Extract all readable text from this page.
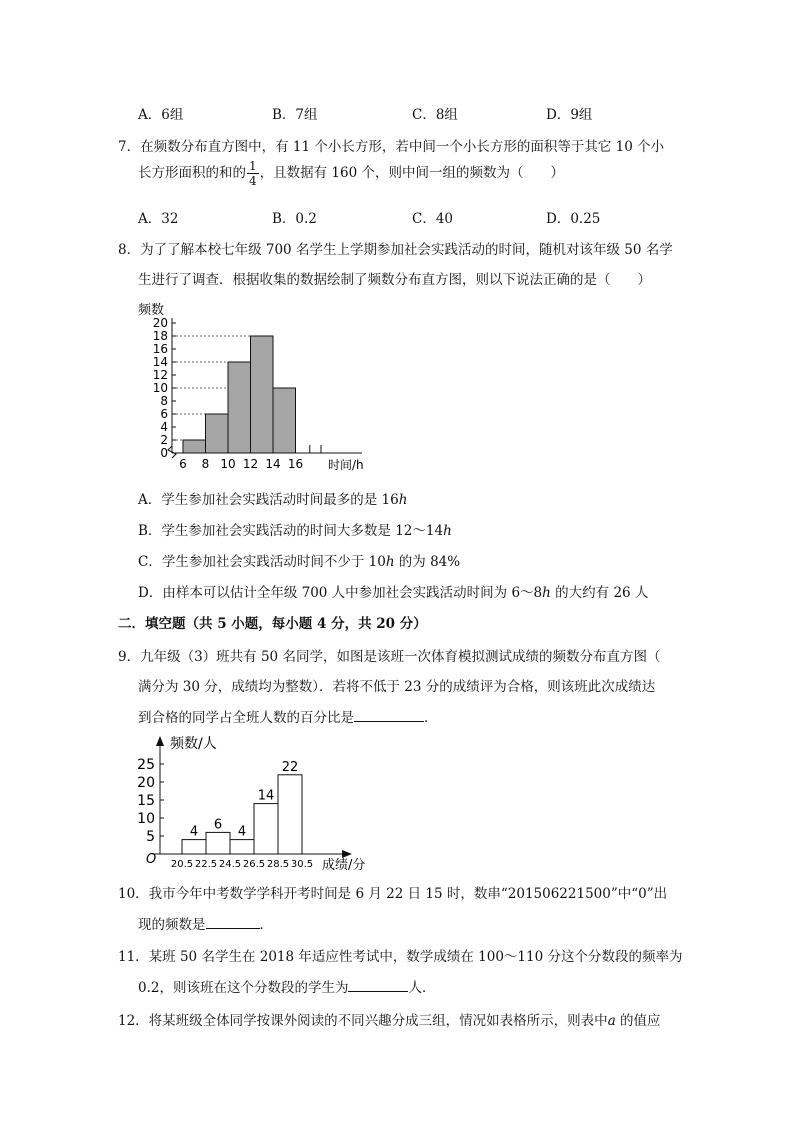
A．6组	B．7组	C．8组	D．9组
7．在频数分布直方图中，有 11 个小长方形，若中间一个小长方形的面积等于其它 10 个小
长方形面积的和的 $\frac{1}{4}$ ，且数据有 160 个，则中间一组的频数为（　　）
A．32	B．0.2	C．40	D．0.25
8．为了了解本校七年级 700 名学生上学期参加社会实践活动的时间，随机对该年级 50 名学
生进行了调查．根据收集的数据绘制了频数分布直方图，则以下说法正确的是（　　）
0
2
4
6
8
10
12
14
16
18
20
6 8 10 12 14 16
频数
时间/h
A．学生参加社会实践活动时间最多的是 16h
B．学生参加社会实践活动的时间大多数是 12～14h
C．学生参加社会实践活动时间不少于 10h 的为 84%
D．由样本可以估计全年级 700 人中参加社会实践活动时间为 6～8h 的大约有 26 人
二．填空题（共 5 小题，每小题 4 分，共 20 分）
9．九年级（3）班共有 50 名同学，如图是该班一次体育模拟测试成绩的频数分布直方图（
满分为 30 分，成绩均为整数）．若将不低于 23 分的成绩评为合格，则该班此次成绩达
到合格的同学占全班人数的百分比是	．
4 6 4
14
22
5
10
15
20
25
20.5 22.5 24.5 26.5 28.5 30.5
频数/人
成绩/分
O
10．我市今年中考数学学科开考时间是 6 月 22 日 15 时，数串“201506221500”中“0”出
现的频数是	．
11．某班 50 名学生在 2018 年适应性考试中，数学成绩在 100～110 分这个分数段的频率为
0.2，则该班在这个分数段的学生为	人．
12．将某班级全体同学按课外阅读的不同兴趣分成三组，情况如表格所示，则表中a 的值应
